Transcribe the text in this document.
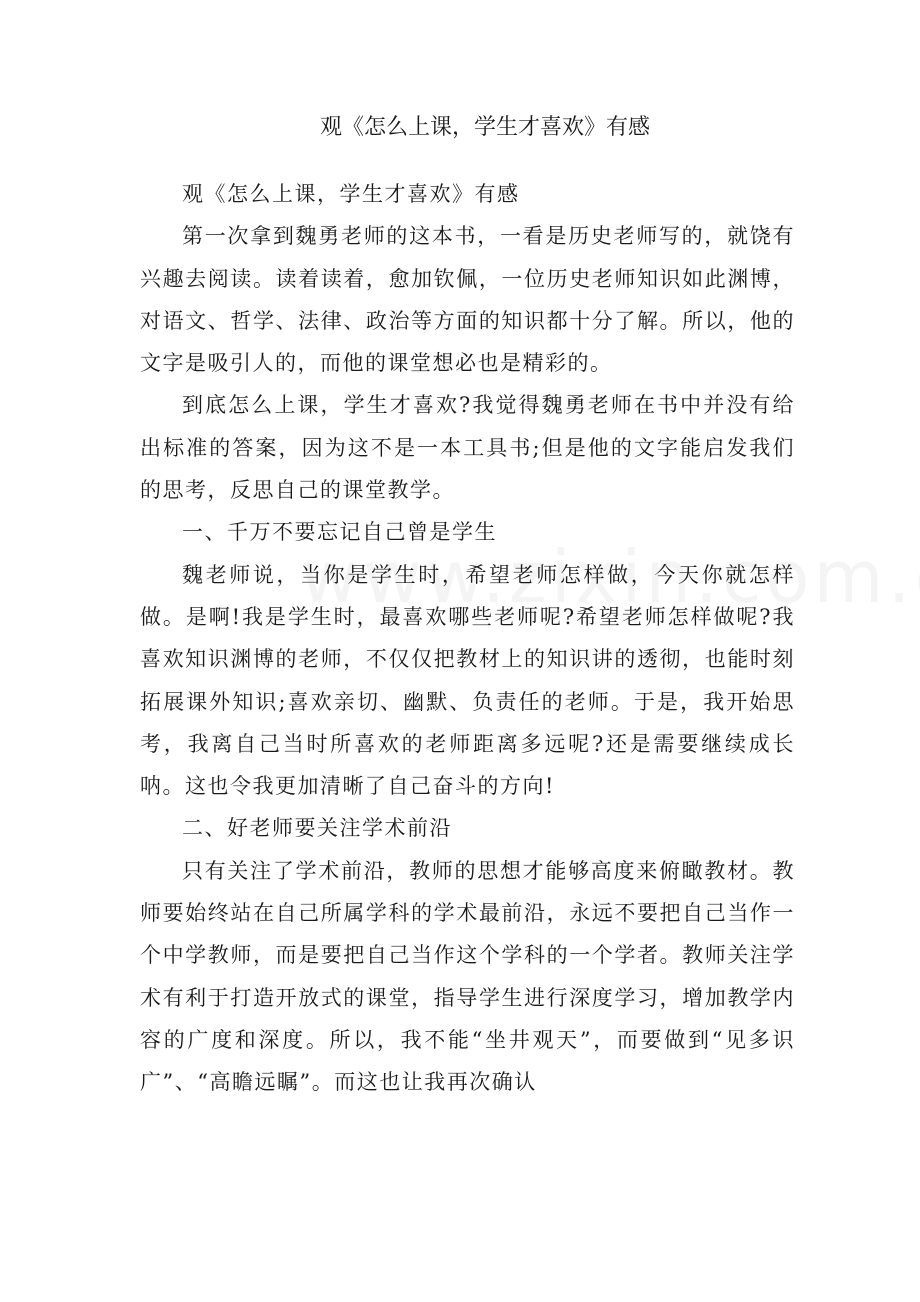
观《怎么上课，学生才喜欢》有感

观《怎么上课，学生才喜欢》有感

第一次拿到魏勇老师的这本书，一看是历史老师写的，就饶有兴趣去阅读。读着读着，愈加钦佩，一位历史老师知识如此渊博，对语文、哲学、法律、政治等方面的知识都十分了解。所以，他的文字是吸引人的，而他的课堂想必也是精彩的。

到底怎么上课，学生才喜欢?我觉得魏勇老师在书中并没有给出标准的答案，因为这不是一本工具书;但是他的文字能启发我们的思考，反思自己的课堂教学。

一、千万不要忘记自己曾是学生

魏老师说，当你是学生时，希望老师怎样做，今天你就怎样做。是啊!我是学生时，最喜欢哪些老师呢?希望老师怎样做呢?我喜欢知识渊博的老师，不仅仅把教材上的知识讲的透彻，也能时刻拓展课外知识;喜欢亲切、幽默、负责任的老师。于是，我开始思考，我离自己当时所喜欢的老师距离多远呢?还是需要继续成长呐。这也令我更加清晰了自己奋斗的方向!

二、好老师要关注学术前沿

只有关注了学术前沿，教师的思想才能够高度来俯瞰教材。教师要始终站在自己所属学科的学术最前沿，永远不要把自己当作一个中学教师，而是要把自己当作这个学科的一个学者。教师关注学术有利于打造开放式的课堂，指导学生进行深度学习，增加教学内容的广度和深度。所以，我不能“坐井观天”，而要做到“见多识广”、“高瞻远瞩”。而这也让我再次确认
